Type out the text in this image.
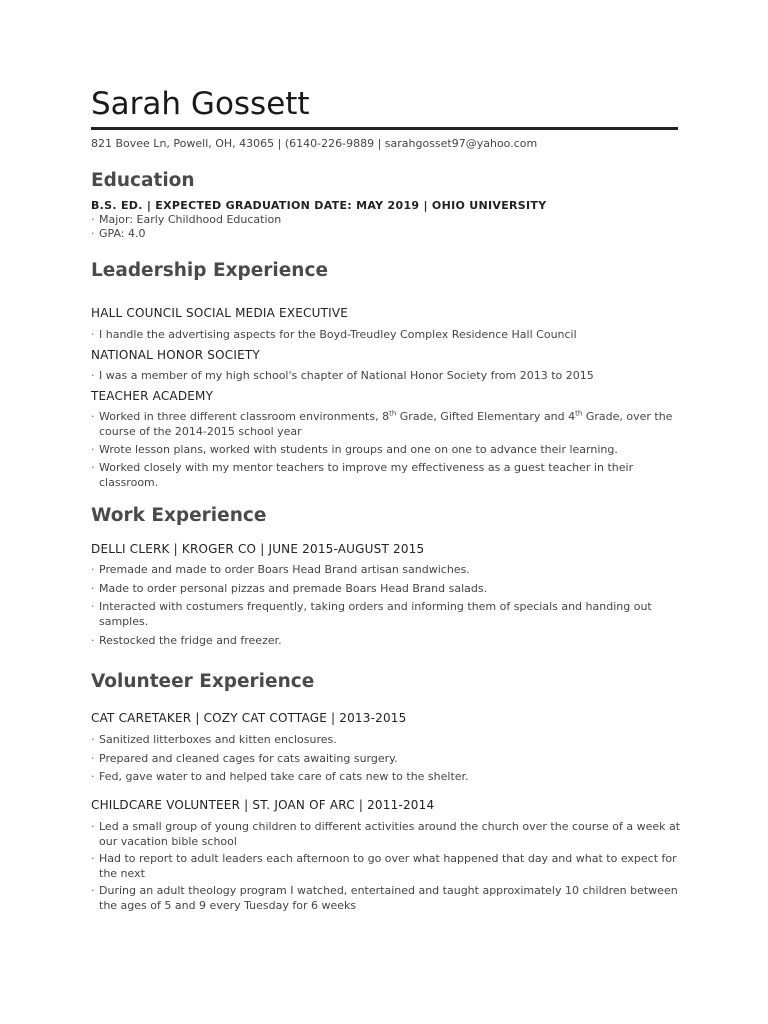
Sarah Gossett
821 Bovee Ln, Powell, OH, 43065 | (6140-226-9889 | sarahgosset97@yahoo.com
Education
B.S. ED. | EXPECTED GRADUATION DATE: MAY 2019 | OHIO UNIVERSITY
· Major: Early Childhood Education
· GPA: 4.0
Leadership Experience
HALL COUNCIL SOCIAL MEDIA EXECUTIVE
· I handle the advertising aspects for the Boyd-Treudley Complex Residence Hall Council
NATIONAL HONOR SOCIETY
· I was a member of my high school's chapter of National Honor Society from 2013 to 2015
TEACHER ACADEMY
· Worked in three different classroom environments, 8th Grade, Gifted Elementary and 4th Grade, over the course of the 2014-2015 school year
· Wrote lesson plans, worked with students in groups and one on one to advance their learning.
· Worked closely with my mentor teachers to improve my effectiveness as a guest teacher in their classroom.
Work Experience
DELLI CLERK | KROGER CO | JUNE 2015-AUGUST 2015
· Premade and made to order Boars Head Brand artisan sandwiches.
· Made to order personal pizzas and premade Boars Head Brand salads.
· Interacted with costumers frequently, taking orders and informing them of specials and handing out samples.
· Restocked the fridge and freezer.
Volunteer Experience
CAT CARETAKER | COZY CAT COTTAGE | 2013-2015
· Sanitized litterboxes and kitten enclosures.
· Prepared and cleaned cages for cats awaiting surgery.
· Fed, gave water to and helped take care of cats new to the shelter.
CHILDCARE VOLUNTEER | ST. JOAN OF ARC | 2011-2014
· Led a small group of young children to different activities around the church over the course of a week at our vacation bible school
· Had to report to adult leaders each afternoon to go over what happened that day and what to expect for the next
· During an adult theology program I watched, entertained and taught approximately 10 children between the ages of 5 and 9 every Tuesday for 6 weeks
